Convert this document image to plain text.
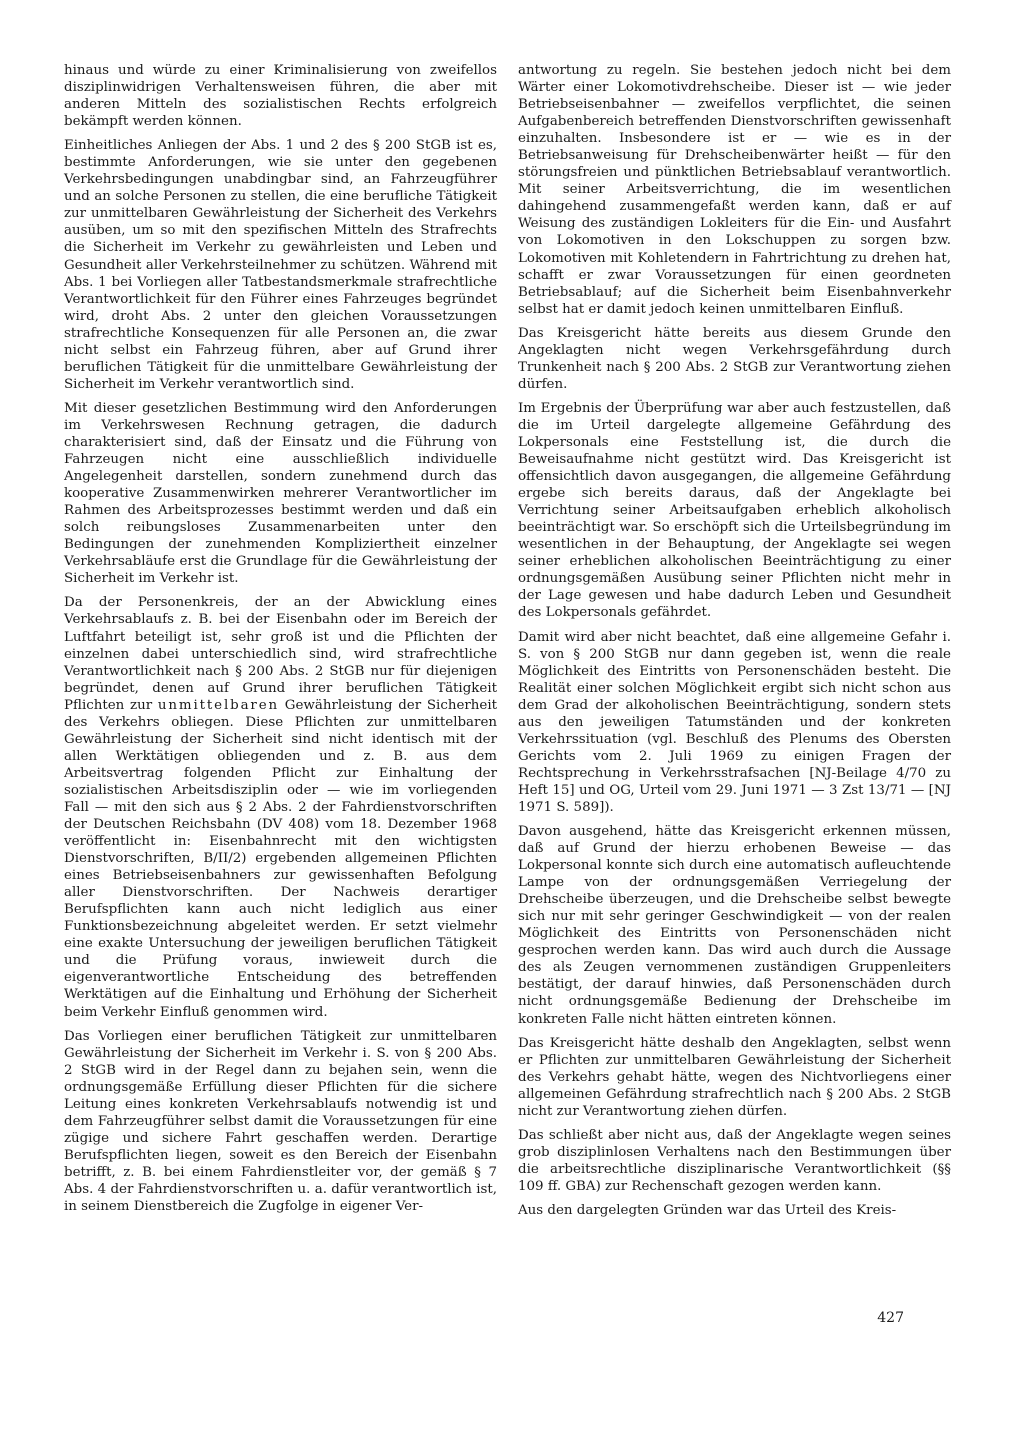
hinaus und würde zu einer Kriminalisierung von zweifellos disziplinwidrigen Verhaltensweisen führen, die aber mit anderen Mitteln des sozialistischen Rechts erfolgreich bekämpft werden können.

Einheitliches Anliegen der Abs. 1 und 2 des § 200 StGB ist es, bestimmte Anforderungen, wie sie unter den gegebenen Verkehrsbedingungen unabdingbar sind, an Fahrzeugführer und an solche Personen zu stellen, die eine berufliche Tätigkeit zur unmittelbaren Gewährleistung der Sicherheit des Verkehrs ausüben, um so mit den spezifischen Mitteln des Strafrechts die Sicherheit im Verkehr zu gewährleisten und Leben und Gesundheit aller Verkehrsteilnehmer zu schützen. Während mit Abs. 1 bei Vorliegen aller Tatbestandsmerkmale strafrechtliche Verantwortlichkeit für den Führer eines Fahrzeuges begründet wird, droht Abs. 2 unter den gleichen Voraussetzungen strafrechtliche Konsequenzen für alle Personen an, die zwar nicht selbst ein Fahrzeug führen, aber auf Grund ihrer beruflichen Tätigkeit für die unmittelbare Gewährleistung der Sicherheit im Verkehr verantwortlich sind.

Mit dieser gesetzlichen Bestimmung wird den Anforderungen im Verkehrswesen Rechnung getragen, die dadurch charakterisiert sind, daß der Einsatz und die Führung von Fahrzeugen nicht eine ausschließlich individuelle Angelegenheit darstellen, sondern zunehmend durch das kooperative Zusammenwirken mehrerer Verantwortlicher im Rahmen des Arbeitsprozesses bestimmt werden und daß ein solch reibungsloses Zusammenarbeiten unter den Bedingungen der zunehmenden Kompliziertheit einzelner Verkehrsabläufe erst die Grundlage für die Gewährleistung der Sicherheit im Verkehr ist.

Da der Personenkreis, der an der Abwicklung eines Verkehrsablaufs z. B. bei der Eisenbahn oder im Bereich der Luftfahrt beteiligt ist, sehr groß ist und die Pflichten der einzelnen dabei unterschiedlich sind, wird strafrechtliche Verantwortlichkeit nach § 200 Abs. 2 StGB nur für diejenigen begründet, denen auf Grund ihrer beruflichen Tätigkeit Pflichten zur unmittelbaren Gewährleistung der Sicherheit des Verkehrs obliegen. Diese Pflichten zur unmittelbaren Gewährleistung der Sicherheit sind nicht identisch mit der allen Werktätigen obliegenden und z. B. aus dem Arbeitsvertrag folgenden Pflicht zur Einhaltung der sozialistischen Arbeitsdisziplin oder — wie im vorliegenden Fall — mit den sich aus § 2 Abs. 2 der Fahrdienstvorschriften der Deutschen Reichsbahn (DV 408) vom 18. Dezember 1968 veröffentlicht in: Eisenbahnrecht mit den wichtigsten Dienstvorschriften, B/II/2) ergebenden allgemeinen Pflichten eines Betriebseisenbahners zur gewissenhaften Befolgung aller Dienstvorschriften. Der Nachweis derartiger Berufspflichten kann auch nicht lediglich aus einer Funktionsbezeichnung abgeleitet werden. Er setzt vielmehr eine exakte Untersuchung der jeweiligen beruflichen Tätigkeit und die Prüfung voraus, inwieweit durch die eigenverantwortliche Entscheidung des betreffenden Werktätigen auf die Einhaltung und Erhöhung der Sicherheit beim Verkehr Einfluß genommen wird.

Das Vorliegen einer beruflichen Tätigkeit zur unmittelbaren Gewährleistung der Sicherheit im Verkehr i. S. von § 200 Abs. 2 StGB wird in der Regel dann zu bejahen sein, wenn die ordnungsgemäße Erfüllung dieser Pflichten für die sichere Leitung eines konkreten Verkehrsablaufs notwendig ist und dem Fahrzeugführer selbst damit die Voraussetzungen für eine zügige und sichere Fahrt geschaffen werden. Derartige Berufspflichten liegen, soweit es den Bereich der Eisenbahn betrifft, z. B. bei einem Fahrdienstleiter vor, der gemäß § 7 Abs. 4 der Fahrdienstvorschriften u. a. dafür verantwortlich ist, in seinem Dienstbereich die Zugfolge in eigener Ver-

antwortung zu regeln. Sie bestehen jedoch nicht bei dem Wärter einer Lokomotivdrehscheibe. Dieser ist — wie jeder Betriebseisenbahner — zweifellos verpflichtet, die seinen Aufgabenbereich betreffenden Dienstvorschriften gewissenhaft einzuhalten. Insbesondere ist er — wie es in der Betriebsanweisung für Drehscheibenwärter heißt — für den störungsfreien und pünktlichen Betriebsablauf verantwortlich. Mit seiner Arbeitsverrichtung, die im wesentlichen dahingehend zusammengefaßt werden kann, daß er auf Weisung des zuständigen Lokleiters für die Ein- und Ausfahrt von Lokomotiven in den Lokschuppen zu sorgen bzw. Lokomotiven mit Kohletendern in Fahrtrichtung zu drehen hat, schafft er zwar Voraussetzungen für einen geordneten Betriebsablauf; auf die Sicherheit beim Eisenbahnverkehr selbst hat er damit jedoch keinen unmittelbaren Einfluß.

Das Kreisgericht hätte bereits aus diesem Grunde den Angeklagten nicht wegen Verkehrsgefährdung durch Trunkenheit nach § 200 Abs. 2 StGB zur Verantwortung ziehen dürfen.

Im Ergebnis der Überprüfung war aber auch festzustellen, daß die im Urteil dargelegte allgemeine Gefährdung des Lokpersonals eine Feststellung ist, die durch die Beweisaufnahme nicht gestützt wird. Das Kreisgericht ist offensichtlich davon ausgegangen, die allgemeine Gefährdung ergebe sich bereits daraus, daß der Angeklagte bei Verrichtung seiner Arbeitsaufgaben erheblich alkoholisch beeinträchtigt war. So erschöpft sich die Urteilsbegründung im wesentlichen in der Behauptung, der Angeklagte sei wegen seiner erheblichen alkoholischen Beeinträchtigung zu einer ordnungsgemäßen Ausübung seiner Pflichten nicht mehr in der Lage gewesen und habe dadurch Leben und Gesundheit des Lokpersonals gefährdet.

Damit wird aber nicht beachtet, daß eine allgemeine Gefahr i. S. von § 200 StGB nur dann gegeben ist, wenn die reale Möglichkeit des Eintritts von Personenschäden besteht. Die Realität einer solchen Möglichkeit ergibt sich nicht schon aus dem Grad der alkoholischen Beeinträchtigung, sondern stets aus den jeweiligen Tatumständen und der konkreten Verkehrssituation (vgl. Beschluß des Plenums des Obersten Gerichts vom 2. Juli 1969 zu einigen Fragen der Rechtsprechung in Verkehrsstrafsachen [NJ-Beilage 4/70 zu Heft 15] und OG, Urteil vom 29. Juni 1971 — 3 Zst 13/71 — [NJ 1971 S. 589]).

Davon ausgehend, hätte das Kreisgericht erkennen müssen, daß auf Grund der hierzu erhobenen Beweise — das Lokpersonal konnte sich durch eine automatisch aufleuchtende Lampe von der ordnungsgemäßen Verriegelung der Drehscheibe überzeugen, und die Drehscheibe selbst bewegte sich nur mit sehr geringer Geschwindigkeit — von der realen Möglichkeit des Eintritts von Personenschäden nicht gesprochen werden kann. Das wird auch durch die Aussage des als Zeugen vernommenen zuständigen Gruppenleiters bestätigt, der darauf hinwies, daß Personenschäden durch nicht ordnungsgemäße Bedienung der Drehscheibe im konkreten Falle nicht hätten eintreten können.

Das Kreisgericht hätte deshalb den Angeklagten, selbst wenn er Pflichten zur unmittelbaren Gewährleistung der Sicherheit des Verkehrs gehabt hätte, wegen des Nichtvorliegens einer allgemeinen Gefährdung strafrechtlich nach § 200 Abs. 2 StGB nicht zur Verantwortung ziehen dürfen.

Das schließt aber nicht aus, daß der Angeklagte wegen seines grob disziplinlosen Verhaltens nach den Bestimmungen über die arbeitsrechtliche disziplinarische Verantwortlichkeit (§§ 109 ff. GBA) zur Rechenschaft gezogen werden kann.

Aus den dargelegten Gründen war das Urteil des Kreis-

427
